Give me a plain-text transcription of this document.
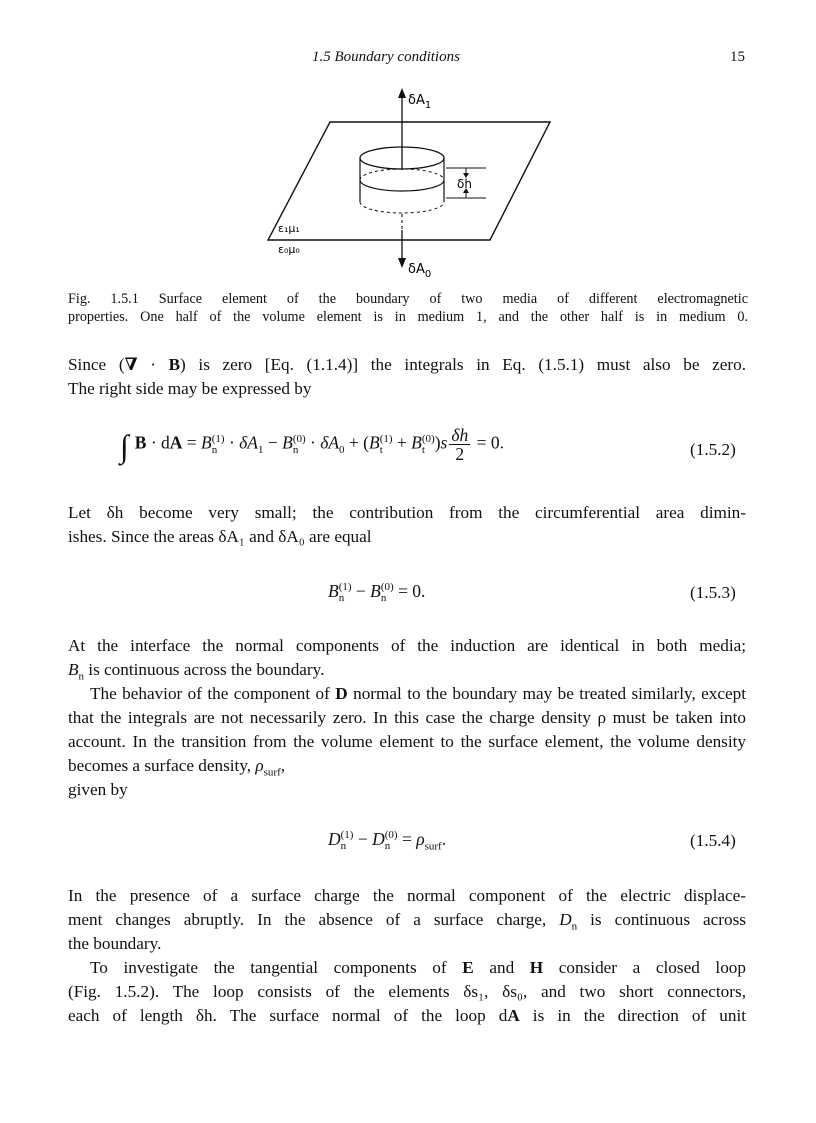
1.5 Boundary conditions	15
$\delta A_1$
$\delta A_0$
δh
ε₁μ₁
ε₀μ₀
Fig. 1.5.1 Surface element of the boundary of two media of different electromagnetic
properties. One half of the volume element is in medium 1, and the other half is in medium 0.
Since (∇ · B) is zero [Eq. (1.1.4)] the integrals in Eq. (1.5.1) must also be zero.
The right side may be expressed by
∫ B · dA = B (1)
$n \cdot \delta A_1 - B$ (0)
$n \cdot \delta A_0 + (B$ (1)
t + B (0)
t )$s \frac{\delta h}{2} = 0$.	(1.5.2)
Let δh become very small; the contribution from the circumferential area dimin-
ishes. Since the areas δA₁ and δA₀ are equal
B (1)
n − B (0)
n = 0.	(1.5.3)
At the interface the normal components of the induction are identical in both media;
$B_n$ is continuous across the boundary.
The behavior of the component of D normal to the boundary may be treated similarly, except that the integrals are not necessarily zero. In this case the charge density ρ must be taken into account. In the transition from the volume element to the surface element, the volume density becomes a surface density, $\rho_{surf}$,
given by
D (1)
n − D (0)
$n = \rho_{surf}$.	(1.5.4)
In the presence of a surface charge the normal component of the electric displace-
ment changes abruptly. In the absence of a surface charge, $D_n$ is continuous across
the boundary.
To investigate the tangential components of E and H consider a closed loop
(Fig. 1.5.2). The loop consists of the elements δs₁, δs₀, and two short connectors,
each of length δh. The surface normal of the loop dA is in the direction of unit
